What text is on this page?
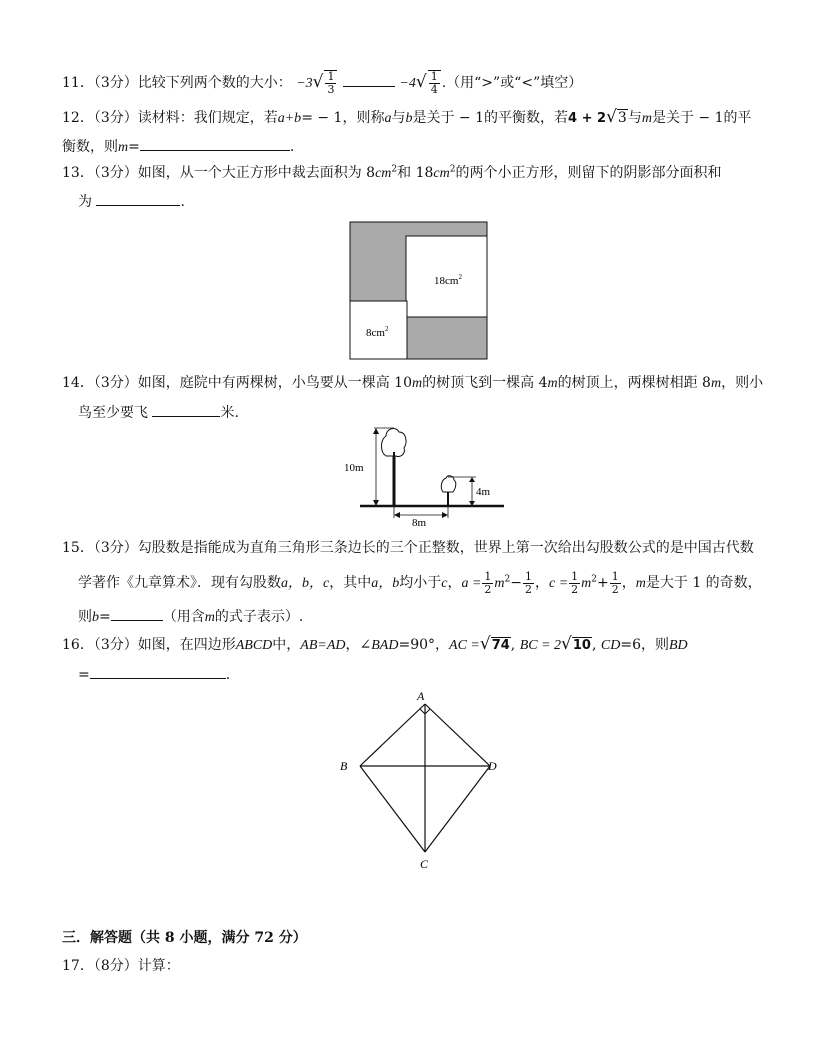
11．（3分）比较下列两个数的大小： $-3√ \frac{1}{3}$	$-4√ \frac{1}{4}$ .（用“>”或“<”填空）
12．（3分）读材料：我们规定，若a+b= − 1，则称a与b是关于 − 1的平衡数，若4 + 2√3与m是关于 − 1的平
衡数，则m=	.
13．（3分）如图，从一个大正方形中裁去面积为 $8cm^2$和 $18cm^2$的两个小正方形，则留下的阴影部分面积和
为	.
$18cm^2$
$8cm^2$
14．（3分）如图，庭院中有两棵树，小鸟要从一棵高 10m的树顶飞到一棵高 4m的树顶上，两棵树相距 8m，则小
鸟至少要飞	米.
10m
4m
8m
15．（3分）勾股数是指能成为直角三角形三条边长的三个正整数，世界上第一次给出勾股数公式的是中国古代数
学著作《九章算术》．现有勾股数a，b，c，其中a，b均小于c，$a = \frac{1}{2} m^2- \frac{1}{2}$ ，$c = \frac{1}{2} m^2+ \frac{1}{2}$ ，m是大于 1 的奇数，
则b=	（用含m的式子表示）.
16．（3分）如图，在四边形ABCD中，AB=AD，∠BAD=90°，AC =√74, BC = 2√10, CD=6，则BD
=	.
A
B
C
D
三．解答题（共 8 小题，满分 72 分）
17．（8分）计算：
